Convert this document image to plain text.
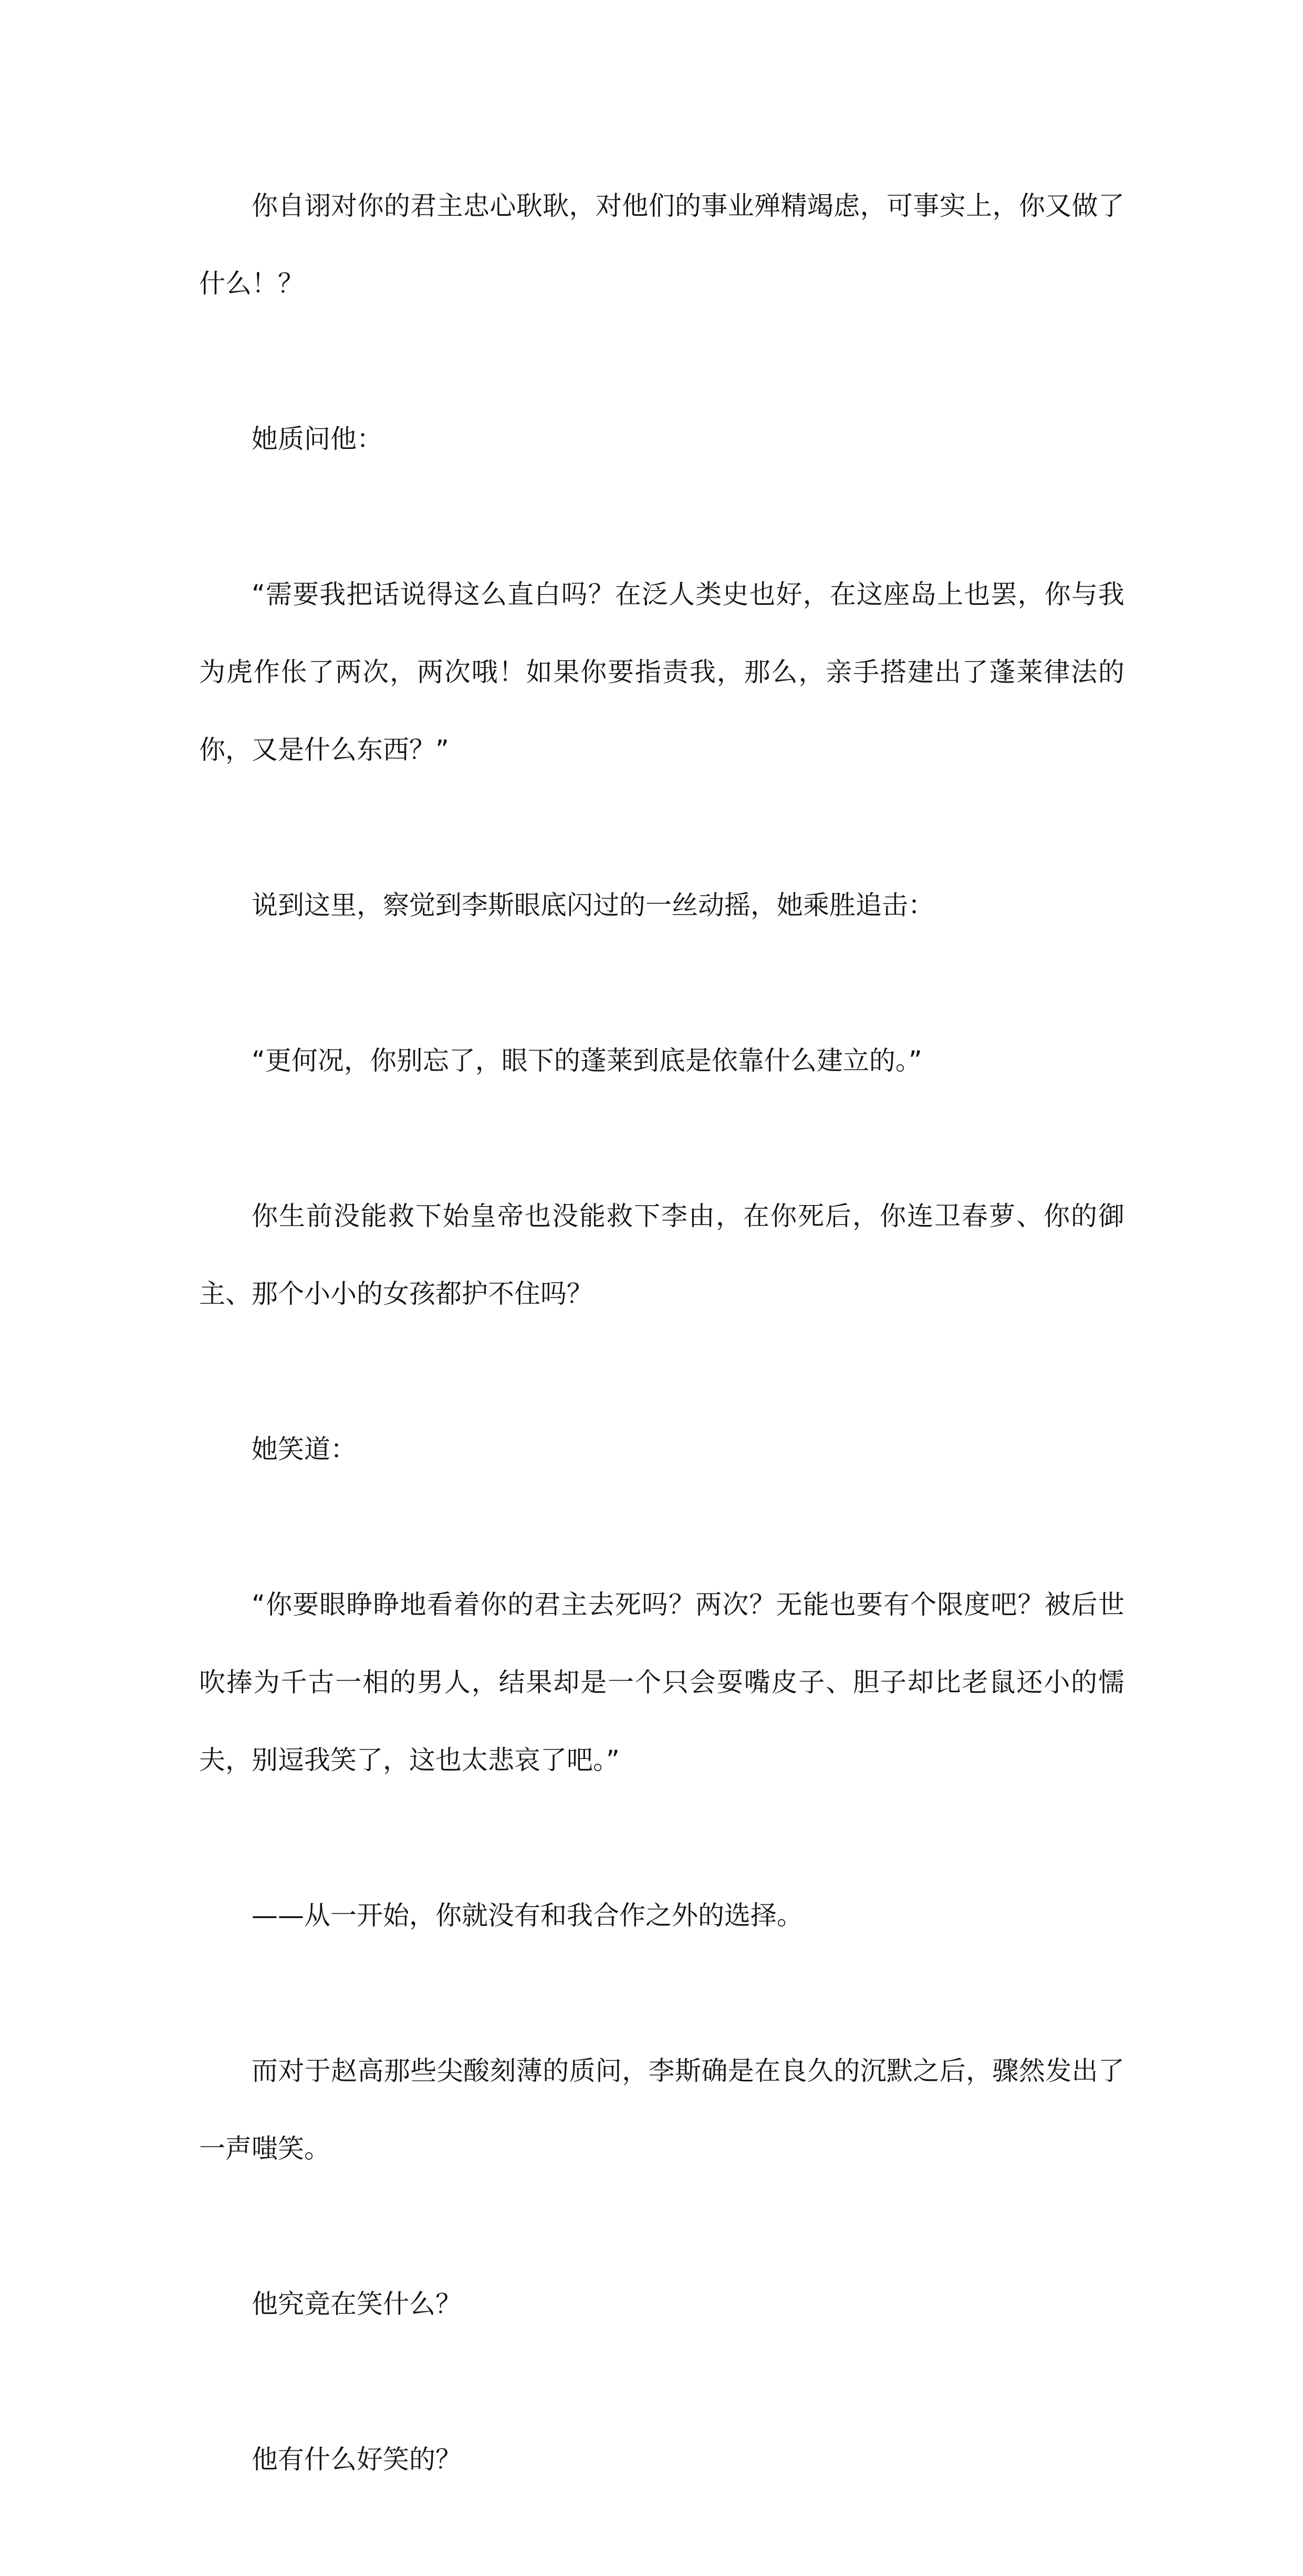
你自诩对你的君主忠心耿耿，对他们的事业殚精竭虑，可事实上，你又做了什么！？

她质问他：

“需要我把话说得这么直白吗？在泛人类史也好，在这座岛上也罢，你与我为虎作伥了两次，两次哦！如果你要指责我，那么，亲手搭建出了蓬莱律法的你，又是什么东西？”

说到这里，察觉到李斯眼底闪过的一丝动摇，她乘胜追击：

“更何况，你别忘了，眼下的蓬莱到底是依靠什么建立的。”

你生前没能救下始皇帝也没能救下李由，在你死后，你连卫春萝、你的御主、那个小小的女孩都护不住吗？

她笑道：

“你要眼睁睁地看着你的君主去死吗？两次？无能也要有个限度吧？被后世吹捧为千古一相的男人，结果却是一个只会耍嘴皮子、胆子却比老鼠还小的懦夫，别逗我笑了，这也太悲哀了吧。”

——从一开始，你就没有和我合作之外的选择。

而对于赵高那些尖酸刻薄的质问，李斯确是在良久的沉默之后，骤然发出了一声嗤笑。

他究竟在笑什么？

他有什么好笑的？
